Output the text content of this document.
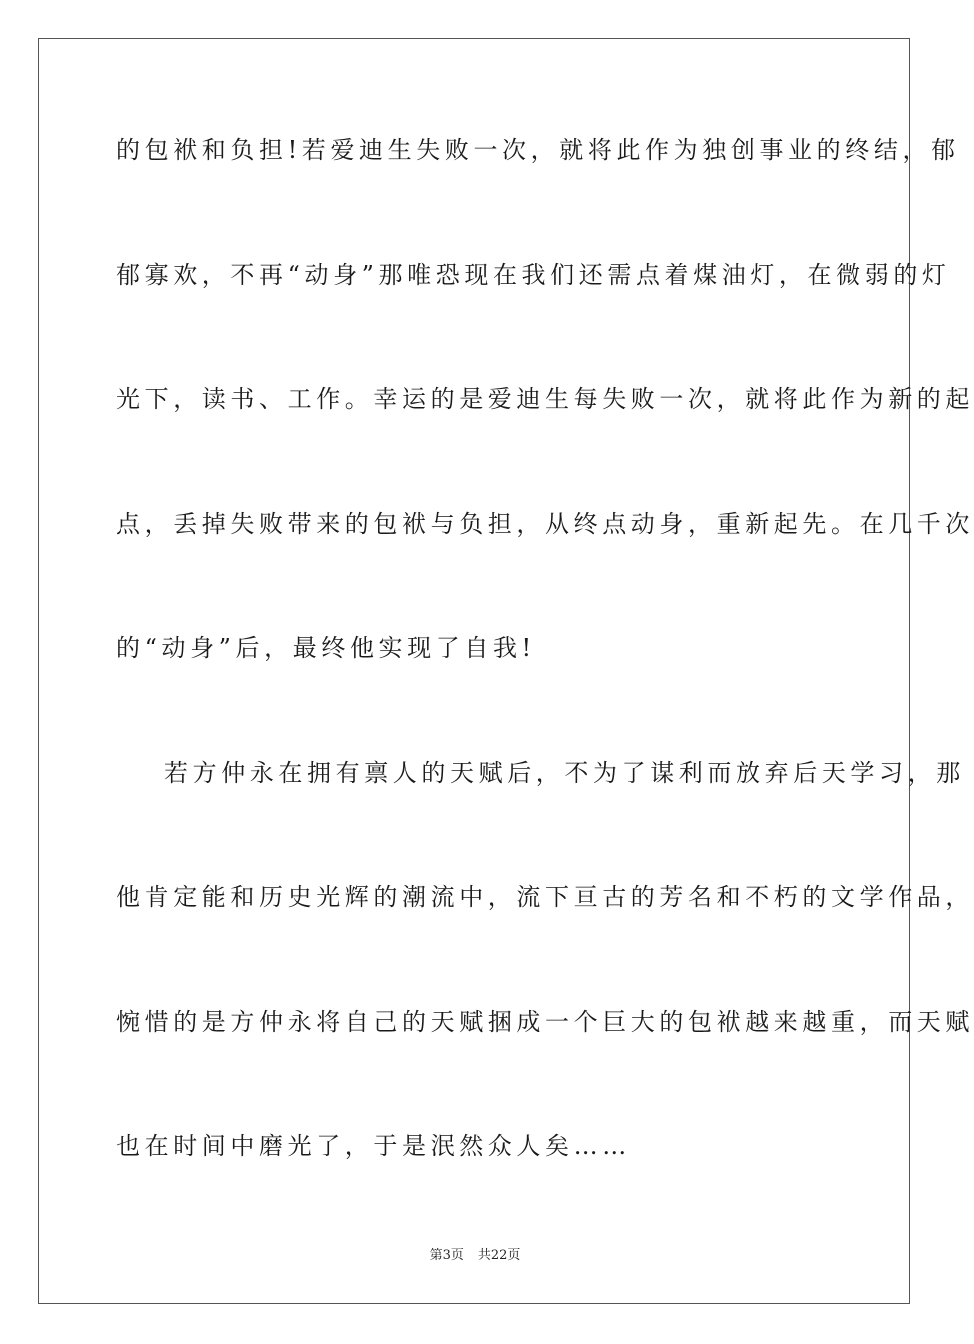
的包袱和负担!若爱迪生失败一次，就将此作为独创事业的终结，郁
郁寡欢，不再“动身”那唯恐现在我们还需点着煤油灯，在微弱的灯
光下，读书、工作。幸运的是爱迪生每失败一次，就将此作为新的起
点，丢掉失败带来的包袱与负担，从终点动身，重新起先。在几千次
的“动身”后，最终他实现了自我!
若方仲永在拥有禀人的天赋后，不为了谋利而放弃后天学习，那
他肯定能和历史光辉的潮流中，流下亘古的芳名和不朽的文学作品，
惋惜的是方仲永将自己的天赋捆成一个巨大的包袱越来越重，而天赋
也在时间中磨光了，于是泯然众人矣……
第3页 共22页
